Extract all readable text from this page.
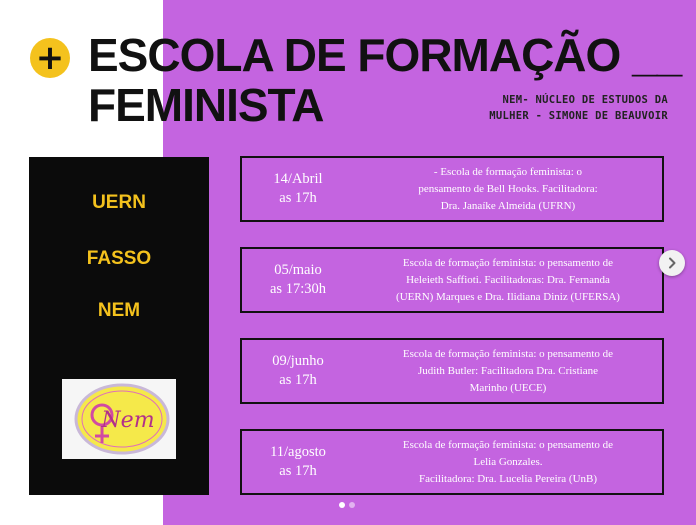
+ ESCOLA DE FORMAÇÃO __
FEMINISTA	NEM- NÚCLEO DE ESTUDOS DA
MULHER - SIMONE DE BEAUVOIR
UERN
FASSO
NEM
Nem
14/Abril
as 17h
- Escola de formação feminista: o
pensamento de Bell Hooks. Facilitadora:
Dra. Janaíke Almeida (UFRN)
05/maio
as 17:30h
Escola de formação feminista: o pensamento de
Heleieth Saffioti. Facilitadoras: Dra. Fernanda
(UERN) Marques e Dra. Ilidiana Diniz (UFERSA)
09/junho
as 17h
Escola de formação feminista: o pensamento de
Judith Butler: Facilitadora Dra. Cristiane
Marinho (UECE)
11/agosto
as 17h
Escola de formação feminista: o pensamento de
Lelia Gonzales.
Facilitadora: Dra. Lucelia Pereira (UnB)
